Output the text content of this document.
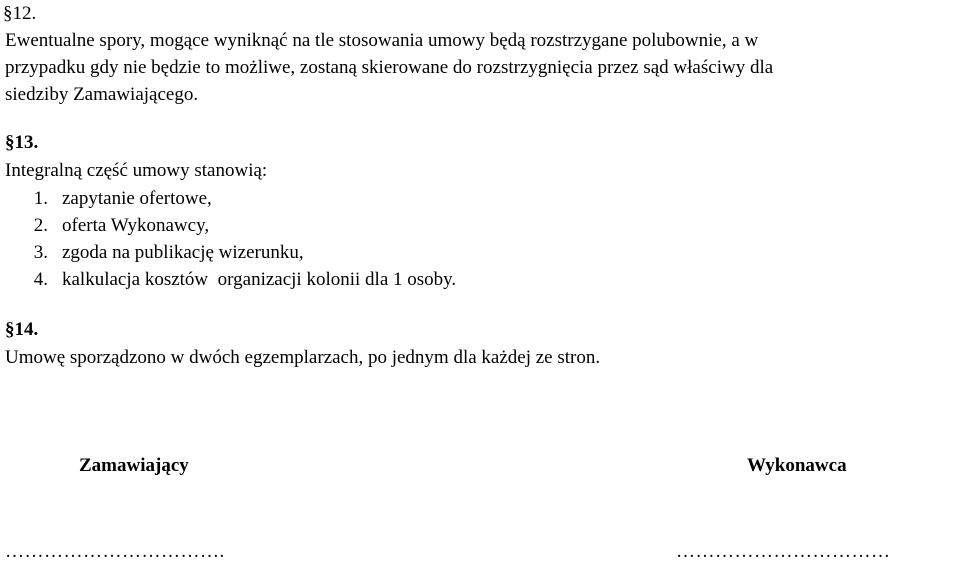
§12.
Ewentualne spory, mogące wyniknąć na tle stosowania umowy będą rozstrzygane polubownie, a w
przypadku gdy nie będzie to możliwe, zostaną skierowane do rozstrzygnięcia przez sąd właściwy dla
siedziby Zamawiającego.
§13.
Integralną część umowy stanowią:
1. zapytanie ofertowe,
2. oferta Wykonawcy,
3. zgoda na publikację wizerunku,
4. kalkulacja kosztów  organizacji kolonii dla 1 osoby.
§14.
Umowę sporządzono w dwóch egzemplarzach, po jednym dla każdej ze stron.
Zamawiający	Wykonawca
…………………………….	……………………………
